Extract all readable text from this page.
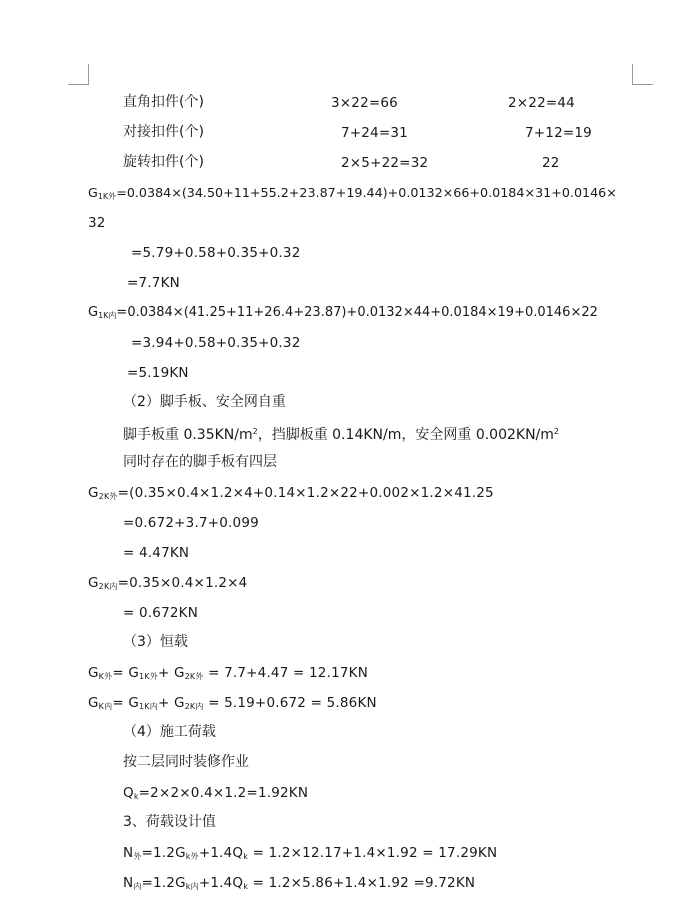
直角扣件(个)	3×22=66	2×22=44
对接扣件(个)	7+24=31	7+12=19
旋转扣件(个)	2×5+22=32	22
$G_{1K外}=0.0384\times(34.50+11+55.2+23.87+19.44)+0.0132\times 66+0.0184\times 31+0.0146\times$
32
=5.79+0.58+0.35+0.32
=7.7KN
$G_{1K内}=0.0384\times(41.25+11+26.4+23.87)+0.0132\times 44+0.0184\times 19+0.0146\times 22$
=3.94+0.58+0.35+0.32
=5.19KN
（2）脚手板、安全网自重
脚手板重 $0.35KN/m^2$，挡脚板重 0.14KN/m，安全网重 $0.002KN/m^2$
同时存在的脚手板有四层
$G_{2K外}=(0.35\times 0.4\times 1.2\times 4+0.14\times 1.2\times 22+0.002\times 1.2\times 41.25$
=0.672+3.7+0.099
= 4.47KN
$G_{2K内}=0.35\times 0.4\times 1.2\times 4$
= 0.672KN
（3）恒载
$G_{K外}= G_{1K外}+ G_{2K外} = 7.7+4.47 = 12.17KN$
$G_{K内}= G_{1K内}+ G_{2K内} = 5.19+0.672 = 5.86KN$
（4）施工荷载
按二层同时装修作业
$Q_k=2\times 2\times 0.4\times 1.2=1.92KN$
3、荷载设计值
$N_外=1.2G_{k外}+1.4Q_k = 1.2\times 12.17+1.4\times 1.92 = 17.29KN$
$N_内=1.2G_{k内}+1.4Q_k = 1.2\times 5.86+1.4\times 1.92 =9.72KN$
